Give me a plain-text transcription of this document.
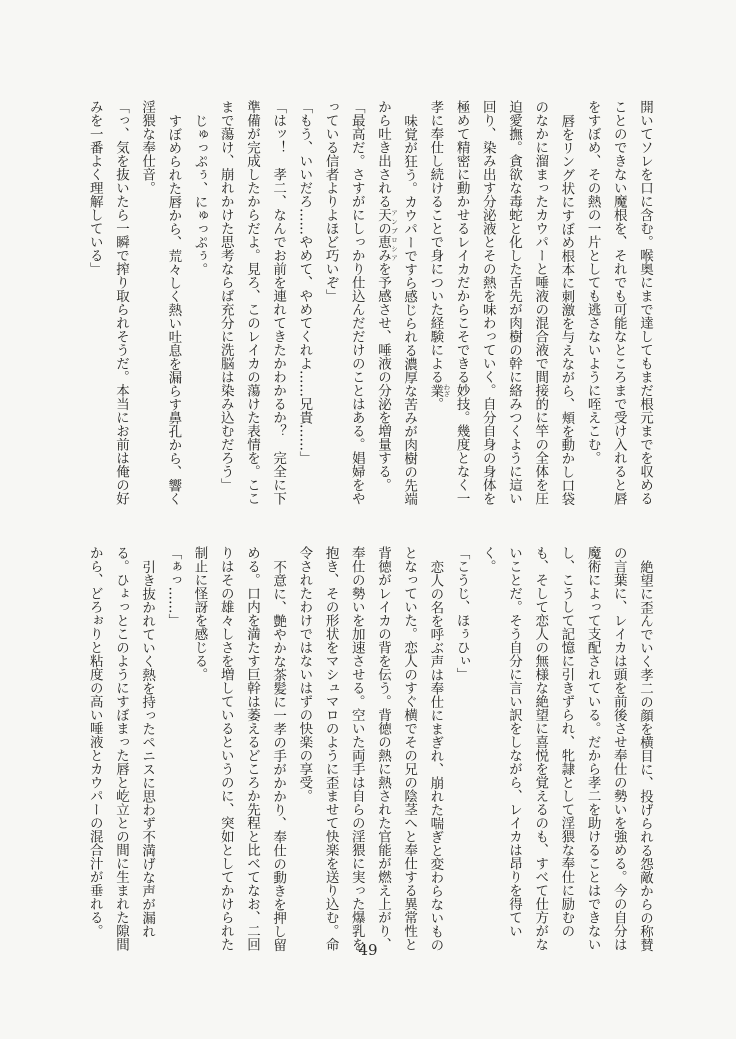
開いてソレを口に含む。喉奥にまで達してもまだ根元までを収めることのできない魔根を、それでも可能なところまで受け入れると唇をすぼめ、その熱の一片としても逃さないように咥えこむ。

唇をリング状にすぼめ根本に刺激を与えながら、頬を動かし口袋のなかに溜まったカウパーと唾液の混合液で間接的に竿の全体を圧迫愛撫。貪欲な毒蛇と化した舌先が肉樹の幹に絡みつくように這い回り、染み出す分泌液とその熱を味わっていく。自分自身の身体を極めて精密に動かせるレイカだからこそできる妙技。幾度となく一孝に奉仕し続けることで身についた経験による業 わざ。

味覚が狂う。カウパーですら感じられる濃厚な苦みが肉樹の先端から吐き出される天の恵み アンブロシアを予感させ、唾液の分泌を増量する。

「最高だ。さすがにしっかり仕込んだだけのことはある。娼婦をやっている信者よりよほど巧いぞ」

「もう、いいだろ……やめて、やめてくれよ……兄貴……」

「はッ！　孝二、なんでお前を連れてきたかわかるか？　完全に下準備が完成したからだよ。見ろ、このレイカの蕩けた表情を。ここまで蕩け、崩れかけた思考ならば充分に洗脳は染み込むだろう」

じゅっぷぅ、にゅっぷぅ。

すぼめられた唇から、荒々しく熱い吐息を漏らす鼻孔から、響く淫猥な奉仕音。

「っ、気を抜いたら一瞬で搾り取られそうだ。本当にお前は俺の好みを一番よく理解している」

絶望に歪んでいく孝二の顔を横目に、投げられる怨敵からの称賛の言葉に、レイカは頭を前後させ奉仕の勢いを強める。今の自分は魔術によって支配されている。だから孝二を助けることはできないし、こうして記憶に引きずられ、牝隷として淫猥な奉仕に励むのも、そして恋人の無様な絶望に喜悦を覚えるのも、すべて仕方がないことだ。そう自分に言い訳をしながら、レイカは昂りを得ていく。

「こうじ、ほぅひぃ」

恋人の名を呼ぶ声は奉仕にまぎれ、崩れた喘ぎと変わらないものとなっていた。恋人のすぐ横でその兄の陰茎へと奉仕する異常性と背徳がレイカの背を伝う。背徳の熱に熱された官能が燃え上がり、奉仕の勢いを加速させる。空いた両手は自らの淫猥に実った爆乳を抱き、その形状をマシュマロのように歪ませて快楽を送り込む。命令されたわけではないはずの快楽の享受。

不意に、艶やかな茶髪に一孝の手がかかり、奉仕の動きを押し留める。口内を満たす巨幹は萎えるどころか先程と比べてなお、二回りはその雄々しさを増しているというのに、突如としてかけられた制止に怪訝を感じる。

「ぁっ……」

引き抜かれていく熱を持ったペニスに思わず不満げな声が漏れる。ひょっとこのようにすぼまった唇と屹立との間に生まれた隙間から、どろぉりと粘度の高い唾液とカウパーの混合汁が垂れる。

49
